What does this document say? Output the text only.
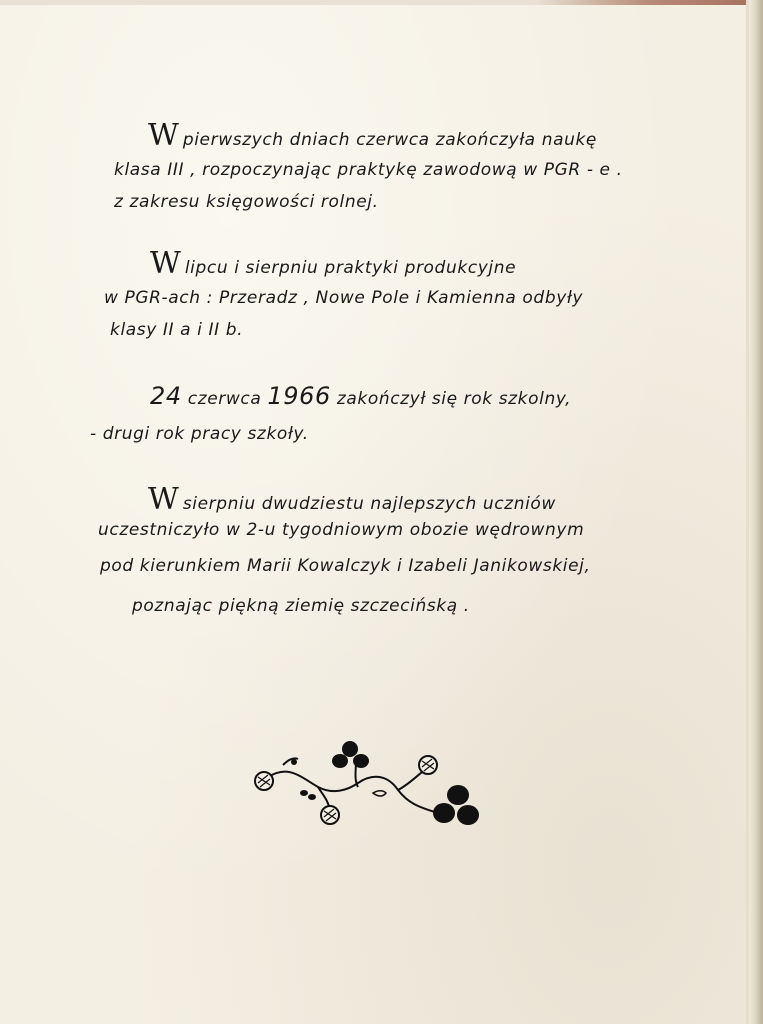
W pierwszych dniach czerwca zakończyła naukę
klasa III , rozpoczynając praktykę zawodową w PGR - e .
z zakresu księgowości rolnej.
W lipcu i sierpniu praktyki produkcyjne
w PGR-ach : Przeradz , Nowe Pole i Kamienna odbyły
klasy II a i II b.
24 czerwca 1966 zakończył się rok szkolny,
- drugi rok pracy szkoły.
W sierpniu dwudziestu najlepszych uczniów
uczestniczyło w 2-u tygodniowym obozie wędrownym
pod kierunkiem Marii Kowalczyk i Izabeli Janikowskiej,
poznając piękną ziemię szczecińską .
